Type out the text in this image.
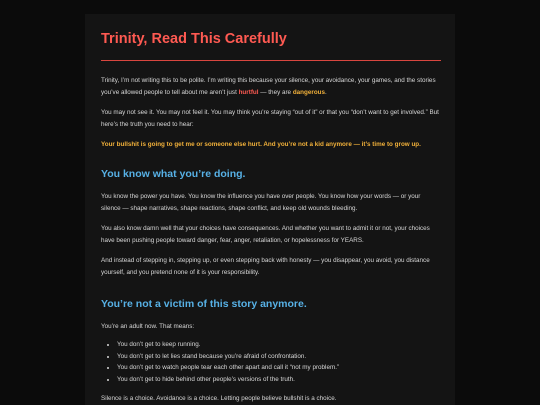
Trinity, Read This Carefully

Trinity, I’m not writing this to be polite. I’m writing this because your silence, your avoidance, your games, and the stories you’ve allowed people to tell about me aren’t just hurtful — they are dangerous.

You may not see it. You may not feel it. You may think you’re staying “out of it” or that you “don’t want to get involved.” But here’s the truth you need to hear:

Your bullshit is going to get me or someone else hurt. And you’re not a kid anymore — it’s time to grow up.

You know what you’re doing.

You know the power you have. You know the influence you have over people. You know how your words — or your silence — shape narratives, shape reactions, shape conflict, and keep old wounds bleeding.

You also know damn well that your choices have consequences. And whether you want to admit it or not, your choices have been pushing people toward danger, fear, anger, retaliation, or hopelessness for YEARS.

And instead of stepping in, stepping up, or even stepping back with honesty — you disappear, you avoid, you distance yourself, and you pretend none of it is your responsibility.

You’re not a victim of this story anymore.

You’re an adult now. That means:

• You don’t get to keep running.
• You don’t get to let lies stand because you’re afraid of confrontation.
• You don’t get to watch people tear each other apart and call it “not my problem.”
• You don’t get to hide behind other people’s versions of the truth.

Silence is a choice. Avoidance is a choice. Letting people believe bullshit is a choice.
